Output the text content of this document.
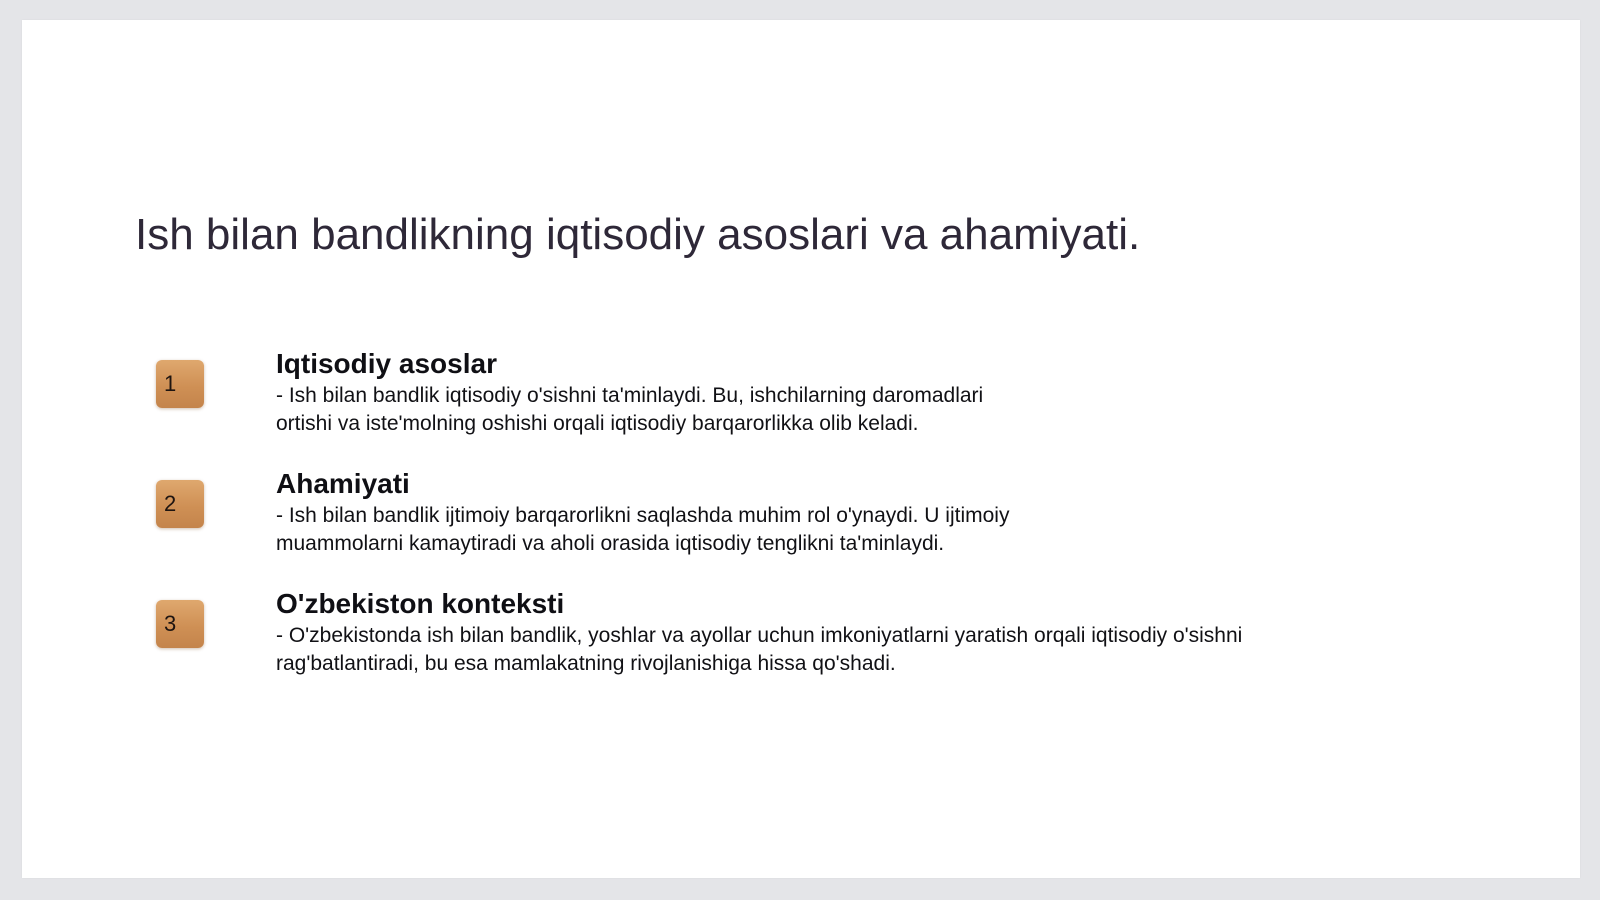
Ish bilan bandlikning iqtisodiy asoslari va ahamiyati.
1
Iqtisodiy asoslar

- Ish bilan bandlik iqtisodiy o'sishni ta'minlaydi. Bu, ishchilarning daromadlari
ortishi va iste'molning oshishi orqali iqtisodiy barqarorlikka olib keladi.

2
Ahamiyati

- Ish bilan bandlik ijtimoiy barqarorlikni saqlashda muhim rol o'ynaydi. U ijtimoiy
muammolarni kamaytiradi va aholi orasida iqtisodiy tenglikni ta'minlaydi.

3
O'zbekiston konteksti

- O'zbekistonda ish bilan bandlik, yoshlar va ayollar uchun imkoniyatlarni yaratish orqali iqtisodiy o'sishni
rag'batlantiradi, bu esa mamlakatning rivojlanishiga hissa qo'shadi.
